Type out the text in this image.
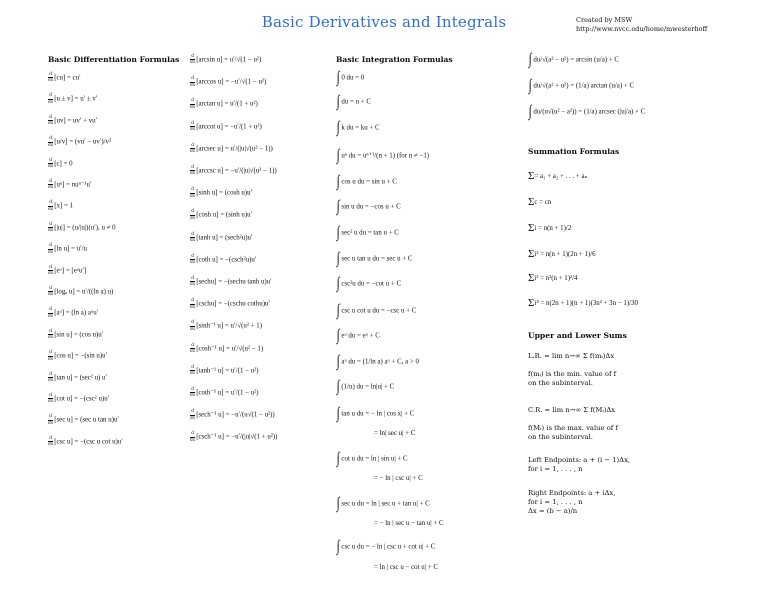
Basic Derivatives and Integrals	Created by MSW
http://www.nvcc.edu/home/mwesterhoff
Basic Differentiation Formulas
$\frac{d}{dx} [cu] = cu'$
$\frac{d}{dx} [u \pm v] = u' \pm v'$
$\frac{d}{dx} [uv] = uv' + vu'$
$\frac{d}{dx} [u/v] = (vu' - uv')/v^2$
$\frac{d}{dx} [c] = 0$
$\frac{d}{dx} [u^n] = nu^{n-1}u'$
$\frac{d}{dx} [x] = 1$
$\frac{d}{dx} [|u|] = (u/|u|)(u')$, u ≠ 0
$\frac{d}{dx} [\ln$ u] = u′/u
$\frac{d}{dx}$ [eᵘ] = [eᵘu′]
$\frac{d}{dx} [\log_a$ u] = u′/((ln a) u)
$\frac{d}{dx}$ [aᵘ] = (ln a) aᵘu′
$\frac{d}{dx} [\sin$ u] = (cos u)u′
$\frac{d}{dx} [\cos$ u] = −(sin u)u′
$\frac{d}{dx} [\tan$ u] = (sec² u) u′
$\frac{d}{dx} [\cot$ u] = −(csc² u)u′
$\frac{d}{dx} [\sec$ u] = (sec u tan u)u′
$\frac{d}{dx} [\csc$ u] = −(csc u cot u)u′
$\frac{d}{dx} [\arcsin$ u] = u′/√(1 − u²)
$\frac{d}{dx} [\arccos$ u] = −u′/√(1 − u²)
$\frac{d}{dx} [\arctan$ u] = u′/(1 + u²)
$\frac{d}{dx} [arccot$ u] = −u′/(1 + u²)
$\frac{d}{dx} [arcsec$ u] = u′/(|u|√(u² − 1))
$\frac{d}{dx} [arccsc$ u] = −u′/(|u|√(u² − 1))
$\frac{d}{dx} [\sinh$ u] = (cosh u)u′
$\frac{d}{dx} [\cosh$ u] = (sinh u)u′
$\frac{d}{dx} [\tanh$ u] = (sech²u)u′
$\frac{d}{dx} [\cot h$ u] = −(csch²u)u′
$\frac{d}{dx}$ [sechu] = −(sechu tanh u)u′
$\frac{d}{dx}$ [cschu] = −(cschu cothu)u′
$\frac{d}{dx} [\sinh^{-1}$ u] = u′/√(u² + 1)
$\frac{d}{dx} [\cosh^{-1}$ u] = u′/√(u² − 1)
$\frac{d}{dx} [\tanh^{-1}$ u] = u′/(1 − u²)
$\frac{d}{dx} [\cot h^{-1}$ u] = u′/(1 − u²)
$\frac{d}{dx} [\sec h^{-1}$ u] = −u′/(u√(1 − u²))
$\frac{d}{dx} [\csc h^{-1}$ u] = −u′/(|u|√(1 + u²))
Basic Integration Formulas
∫ 0 du = 0
∫ du = u + C
∫ k du = ku + C
∫ uⁿ du = uⁿ⁺¹/(n + 1) (for n ≠ −1)
∫ cos u du = sin u + C
∫ sin u du = −cos u + C
∫ sec² u du = tan u + C
∫ sec u tan u du = sec u + C
∫ csc²u du = −cot u + C
∫ csc u cot u du = −csc u + C
∫ eᵘ du = eᵘ + C
∫ aᵘ du = (1/ln a) aᵘ + C, a > 0
∫ (1/u) du = ln|u| + C
∫ tan u du = − ln | cos x| + C
= ln| sec u| + C
∫ cot u du = ln | sin u| + C
= − ln | csc u| + C
∫ sec u du = ln | sec u + tan u| + C
= − ln | sec u − tan u| + C
∫ csc u du = − ln | csc u + cot u| + C
= ln | csc u − cot u| + C
∫ du/√(a² − u²) = arcsin (u/a) + C
∫ du/√(a² + u²) = (1/a) arctan (u/a) + C
∫ du/(u√(u² − a²)) = (1/a) arcsec (|u|/a) + C
Summation Formulas
Σ= a₁ + a₂ + . . . + aₙ
Σc = cn
Σi = n(n + 1)/2
Σi² = n(n + 1)(2n + 1)/6
Σi³ = n²(n + 1)²/4
Σi⁴ = n(2n + 1)(n + 1)(3n² + 3n − 1)/30
Upper and Lower Sums
L.R. = lim n→∞ Σ f(mᵢ)Δx
f(mᵢ) is the min. value of f
on the subinterval.
C.R. = lim n→∞ Σ f(Mᵢ)Δx
f(Mᵢ) is the max. value of f
on the subinterval.
Left Endpoints: a + (i − 1)Δx,
for i = 1, . . . , n
Right Endpoints: a + iΔx,
for i = 1, . . . , n
Δx = (b − a)/n
